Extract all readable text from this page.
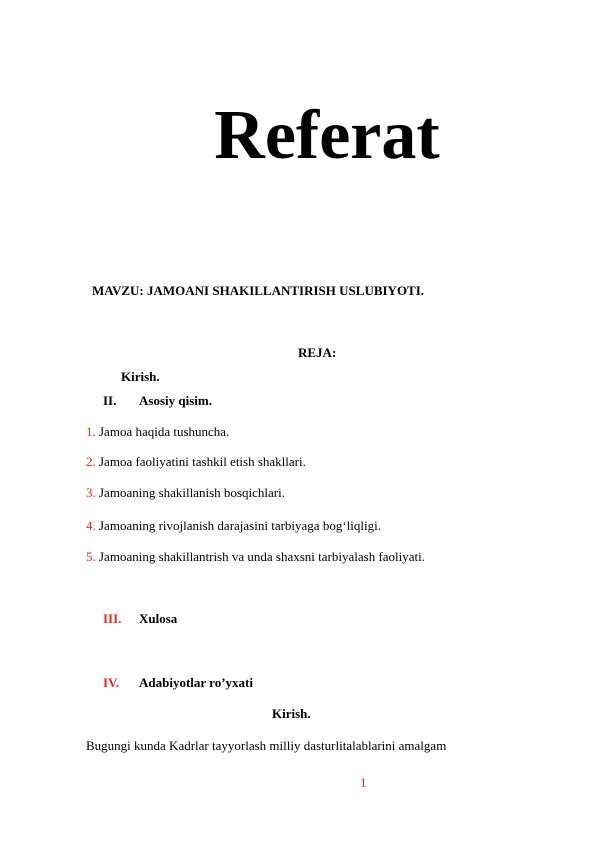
Referat
MAVZU: JAMOANI SHAKILLANTIRISH USLUBIYOTI.
REJA:
Kirish.
II. Asosiy qisim.
1. Jamoa haqida tushuncha.
2. Jamoa faoliyatini tashkil etish shakllari.
3. Jamoaning shakillanish bosqichlari.
4. Jamoaning rivojlanish darajasini tarbiyaga bog‘liqligi.
5. Jamoaning shakillantrish va unda shaxsni tarbiyalash faoliyati.
III. Xulosa
IV. Adabiyotlar ro’yxati
Kirish.
Bugungi kunda Kadrlar tayyorlash milliy dasturlitalablarini amalgam
1
